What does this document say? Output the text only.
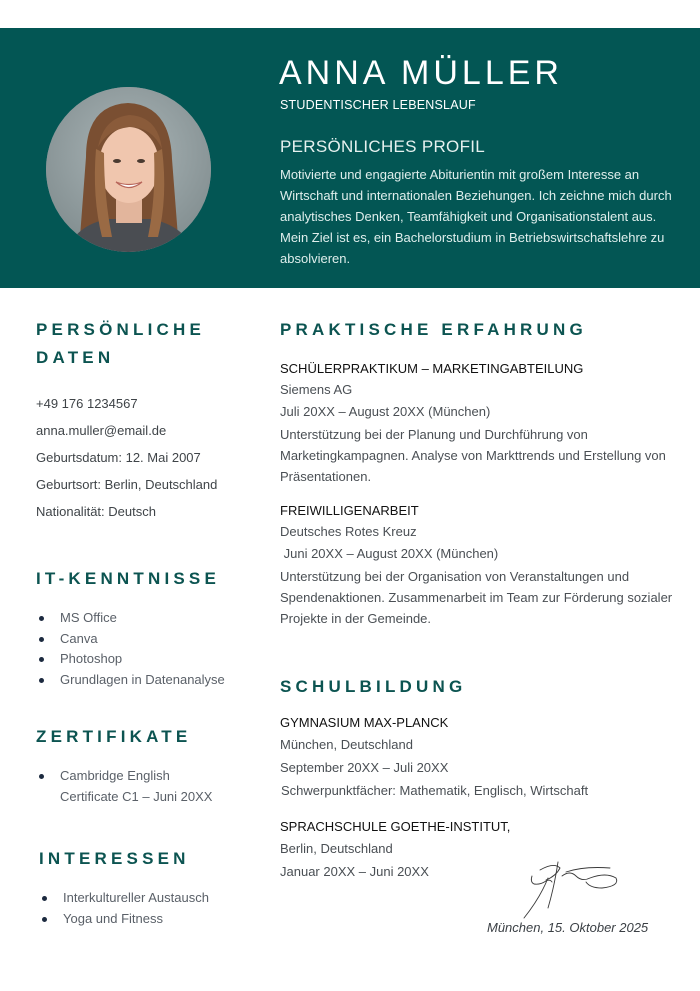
ANNA MÜLLER
STUDENTISCHER LEBENSLAUF
PERSÖNLICHES PROFIL
Motivierte und engagierte Abiturientin mit großem Interesse an Wirtschaft und internationalen Beziehungen. Ich zeichne mich durch analytisches Denken, Teamfähigkeit und Organisationstalent aus. Mein Ziel ist es, ein Bachelorstudium in Betriebswirtschaftslehre zu absolvieren.
PERSÖNLICHE
DATEN
+49 176 1234567
anna.muller@email.de
Geburtsdatum: 12. Mai 2007
Geburtsort: Berlin, Deutschland
Nationalität: Deutsch
IT-KENNTNISSE
MS Office
Canva
Photoshop
Grundlagen in Datenanalyse
ZERTIFIKATE
Cambridge English
Certificate C1 – Juni 20XX
INTERESSEN
Interkultureller Austausch
Yoga und Fitness
PRAKTISCHE ERFAHRUNG
SCHÜLERPRAKTIKUM – MARKETINGABTEILUNG
Siemens AG
Juli 20XX – August 20XX (München)
Unterstützung bei der Planung und Durchführung von Marketingkampagnen. Analyse von Markttrends und Erstellung von Präsentationen.
FREIWILLIGENARBEIT
Deutsches Rotes Kreuz
Juni 20XX – August 20XX (München)
Unterstützung bei der Organisation von Veranstaltungen und Spendenaktionen. Zusammenarbeit im Team zur Förderung sozialer Projekte in der Gemeinde.
SCHULBILDUNG
GYMNASIUM MAX-PLANCK
München, Deutschland
September 20XX – Juli 20XX
Schwerpunktfächer: Mathematik, Englisch, Wirtschaft
SPRACHSCHULE GOETHE-INSTITUT,
Berlin, Deutschland
Januar 20XX – Juni 20XX
München, 15. Oktober 2025
